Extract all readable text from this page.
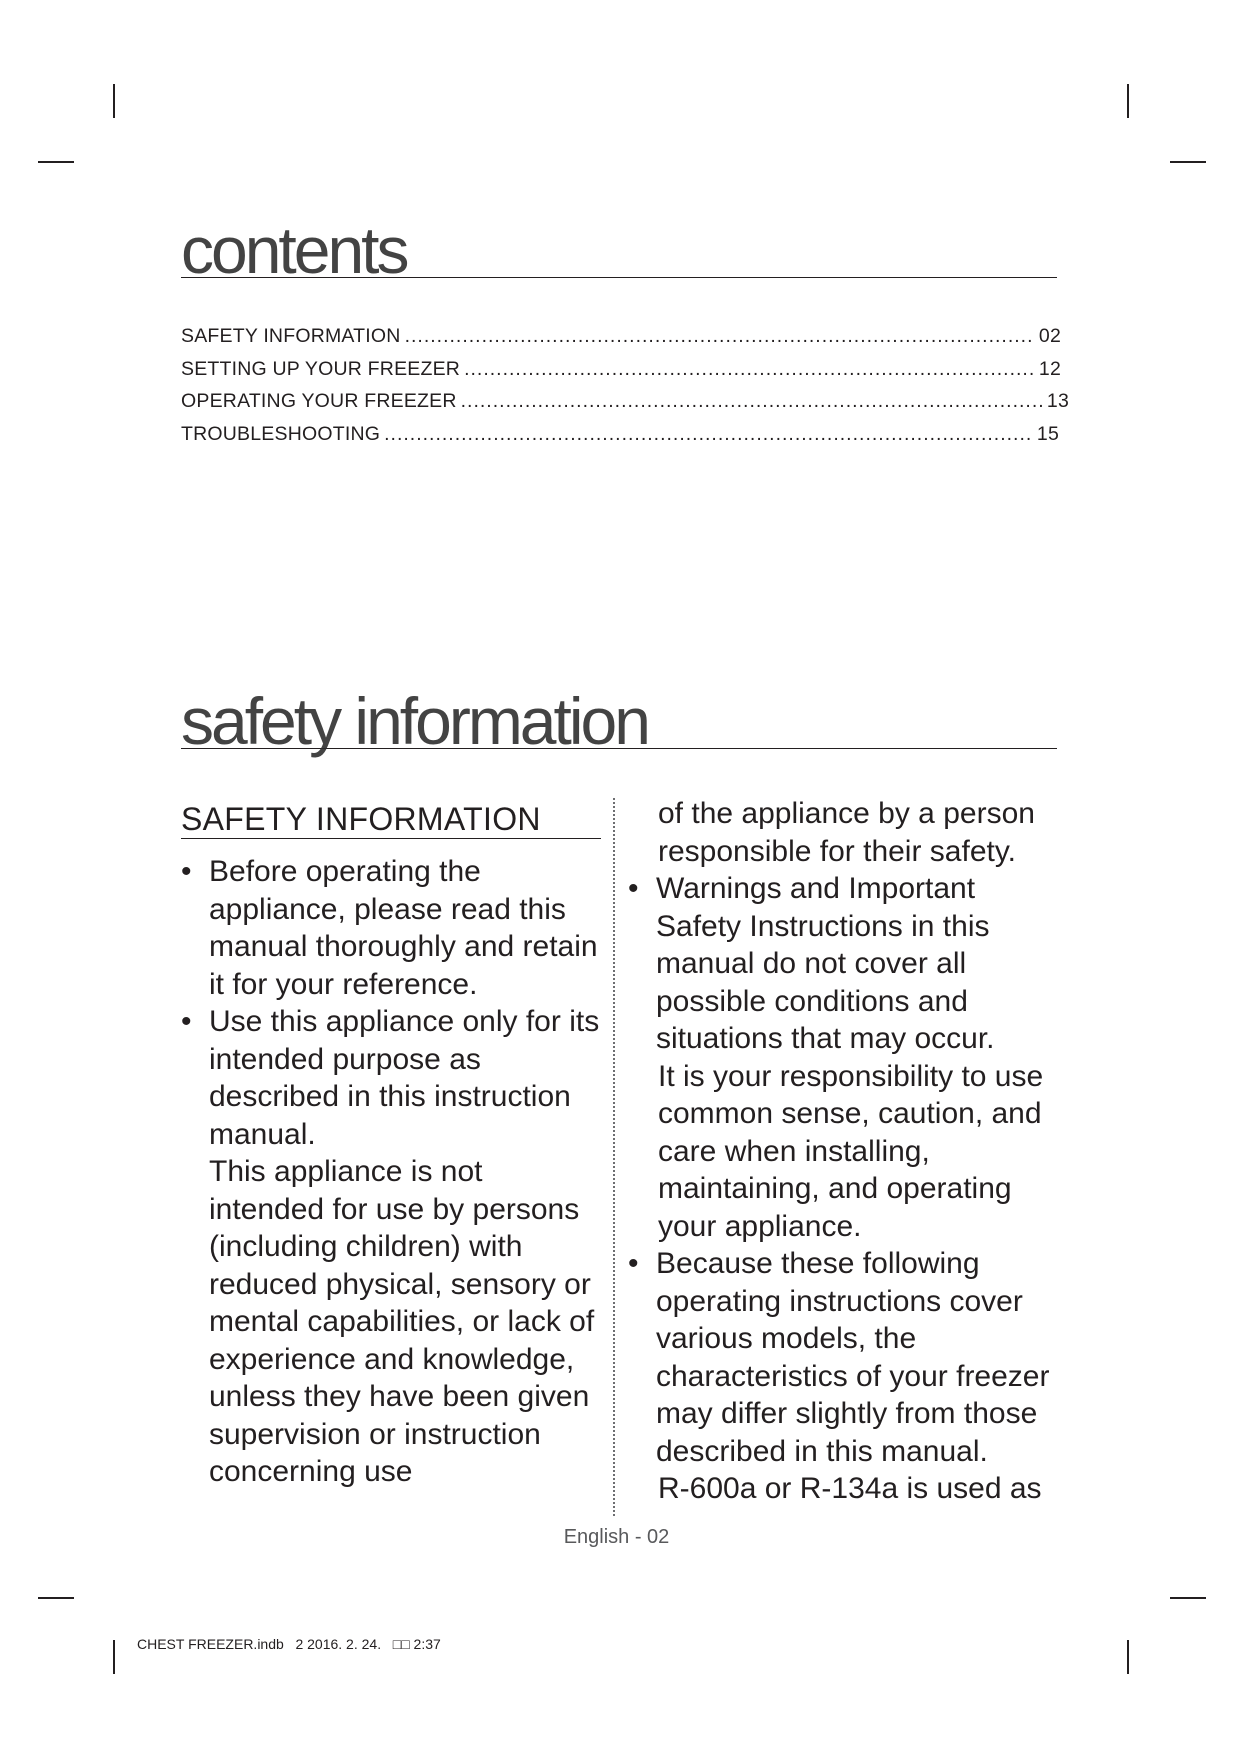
contents
SAFETY INFORMATION .....	02
SETTING UP YOUR FREEZER .....	12
OPERATING YOUR FREEZER .....	13
TROUBLESHOOTING .....	15
safety information
SAFETY INFORMATION

• Before operating the appliance, please read this manual thoroughly and retain it for your reference.

• Use this appliance only for its intended purpose as described in this instruction manual.

This appliance is not intended for use by persons (including children) with reduced physical, sensory or mental capabilities, or lack of experience and knowledge, unless they have been given supervision or instruction concerning use

of the appliance by a person responsible for their safety.

• Warnings and Important Safety Instructions in this manual do not cover all possible conditions and situations that may occur.

It is your responsibility to use common sense, caution, and care when installing, maintaining, and operating your appliance.

• Because these following operating instructions cover various models, the characteristics of your freezer may differ slightly from those described in this manual.

R-600a or R-134a is used as

English - 02
CHEST FREEZER.indb   2 2016. 2. 24.   □□ 2:37
